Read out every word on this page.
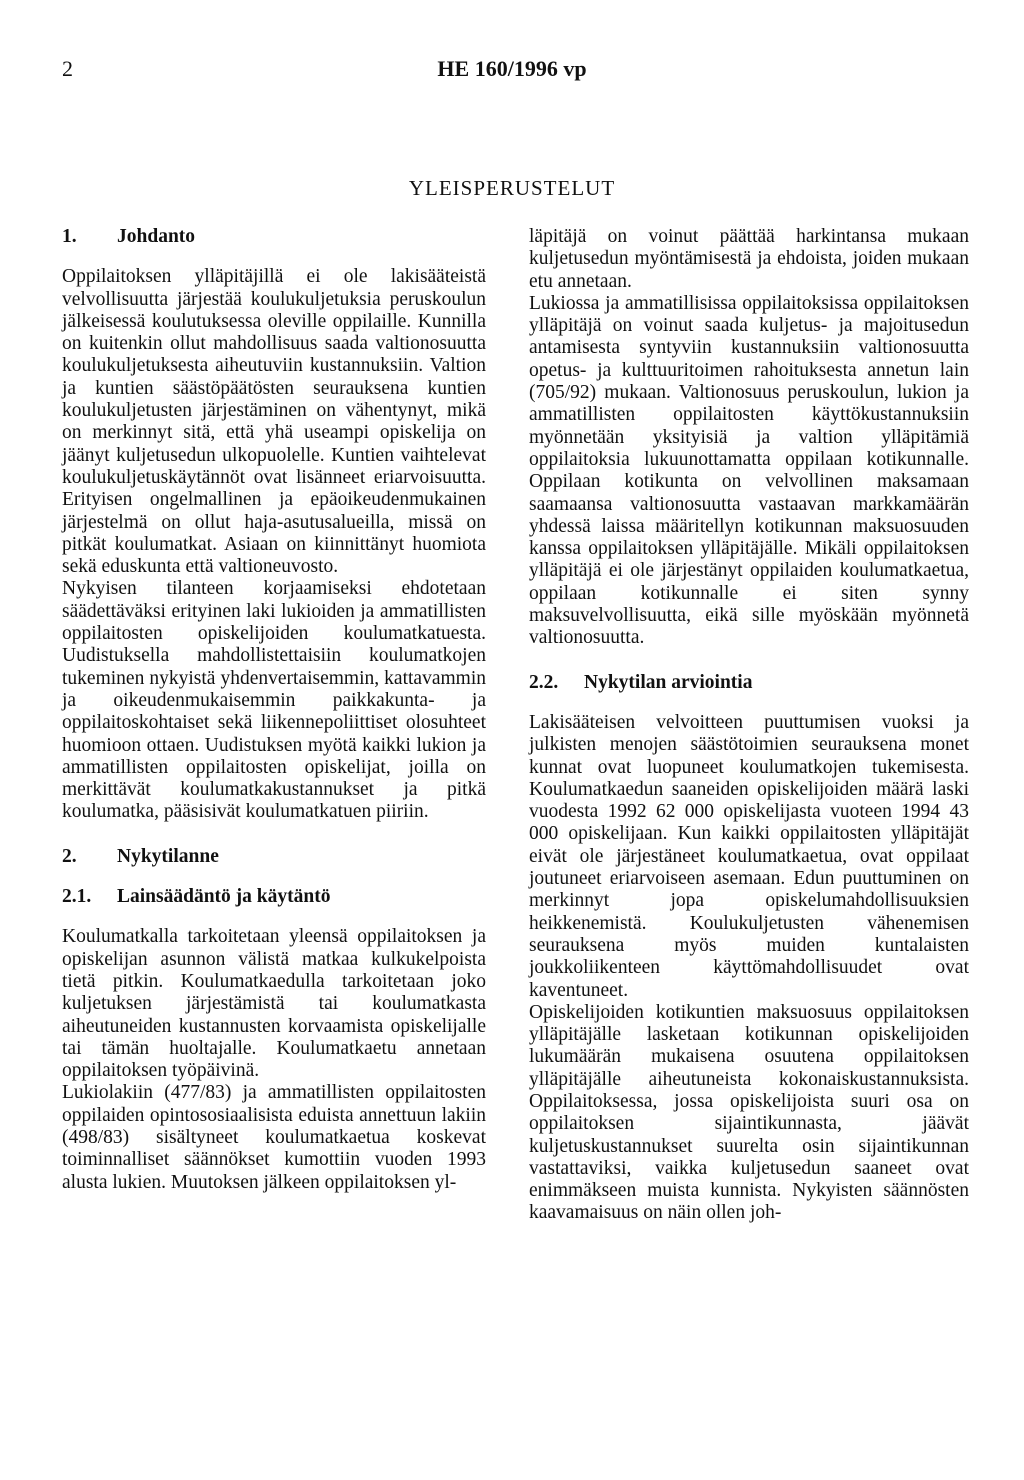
2	HE 160/1996 vp
YLEISPERUSTELUT
1. Johdanto

Oppilaitoksen ylläpitäjillä ei ole lakisääteistä velvollisuutta järjestää koulukuljetuksia peruskoulun jälkeisessä koulutuksessa oleville oppilaille. Kunnilla on kuitenkin ollut mahdollisuus saada valtionosuutta koulukuljetuksesta aiheutuviin kustannuksiin. Valtion ja kuntien säästöpäätösten seurauksena kuntien koulukuljetusten järjestäminen on vähentynyt, mikä on merkinnyt sitä, että yhä useampi opiskelija on jäänyt kuljetusedun ulkopuolelle. Kuntien vaihtelevat koulukuljetuskäytännöt ovat lisänneet eriarvoisuutta. Erityisen ongelmallinen ja epäoikeudenmukainen järjestelmä on ollut haja-asutusalueilla, missä on pitkät koulumatkat. Asiaan on kiinnittänyt huomiota sekä eduskunta että valtioneuvosto.

Nykyisen tilanteen korjaamiseksi ehdotetaan säädettäväksi erityinen laki lukioiden ja ammatillisten oppilaitosten opiskelijoiden koulumatkatuesta. Uudistuksella mahdollistettaisiin koulumatkojen tukeminen nykyistä yhdenvertaisemmin, kattavammin ja oikeudenmukaisemmin paikkakunta- ja oppilaitoskohtaiset sekä liikennepoliittiset olosuhteet huomioon ottaen. Uudistuksen myötä kaikki lukion ja ammatillisten oppilaitosten opiskelijat, joilla on merkittävät koulumatkakustannukset ja pitkä koulumatka, pääsisivät koulumatkatuen piiriin.

2. Nykytilanne
2.1. Lainsäädäntö ja käytäntö

Koulumatkalla tarkoitetaan yleensä oppilaitoksen ja opiskelijan asunnon välistä matkaa kulkukelpoista tietä pitkin. Koulumatkaedulla tarkoitetaan joko kuljetuksen järjestämistä tai koulumatkasta aiheutuneiden kustannusten korvaamista opiskelijalle tai tämän huoltajalle. Koulumatkaetu annetaan oppilaitoksen työpäivinä.

Lukiolakiin (477/83) ja ammatillisten oppilaitosten oppilaiden opintososiaalisista eduista annettuun lakiin (498/83) sisältyneet koulumatkaetua koskevat toiminnalliset säännökset kumottiin vuoden 1993 alusta lukien. Muutoksen jälkeen oppilaitoksen yl-

läpitäjä on voinut päättää harkintansa mukaan kuljetusedun myöntämisestä ja ehdoista, joiden mukaan etu annetaan.

Lukiossa ja ammatillisissa oppilaitoksissa oppilaitoksen ylläpitäjä on voinut saada kuljetus- ja majoitusedun antamisesta syntyviin kustannuksiin valtionosuutta opetus- ja kulttuuritoimen rahoituksesta annetun lain (705/92) mukaan. Valtionosuus peruskoulun, lukion ja ammatillisten oppilaitosten käyttökustannuksiin myönnetään yksityisiä ja valtion ylläpitämiä oppilaitoksia lukuunottamatta oppilaan kotikunnalle. Oppilaan kotikunta on velvollinen maksamaan saamaansa valtionosuutta vastaavan markkamäärän yhdessä laissa määritellyn kotikunnan maksuosuuden kanssa oppilaitoksen ylläpitäjälle. Mikäli oppilaitoksen ylläpitäjä ei ole järjestänyt oppilaiden koulumatkaetua, oppilaan kotikunnalle ei siten synny maksuvelvollisuutta, eikä sille myöskään myönnetä valtionosuutta.

2.2. Nykytilan arviointia

Lakisääteisen velvoitteen puuttumisen vuoksi ja julkisten menojen säästötoimien seurauksena monet kunnat ovat luopuneet koulumatkojen tukemisesta. Koulumatkaedun saaneiden opiskelijoiden määrä laski vuodesta 1992 62 000 opiskelijasta vuoteen 1994 43 000 opiskelijaan. Kun kaikki oppilaitosten ylläpitäjät eivät ole järjestäneet koulumatkaetua, ovat oppilaat joutuneet eriarvoiseen asemaan. Edun puuttuminen on merkinnyt jopa opiskelumahdollisuuksien heikkenemistä. Koulukuljetusten vähenemisen seurauksena myös muiden kuntalaisten joukkoliikenteen käyttömahdollisuudet ovat kaventuneet.

Opiskelijoiden kotikuntien maksuosuus oppilaitoksen ylläpitäjälle lasketaan kotikunnan opiskelijoiden lukumäärän mukaisena osuutena oppilaitoksen ylläpitäjälle aiheutuneista kokonaiskustannuksista. Oppilaitoksessa, jossa opiskelijoista suuri osa on oppilaitoksen sijaintikunnasta, jäävät kuljetuskustannukset suurelta osin sijaintikunnan vastattaviksi, vaikka kuljetusedun saaneet ovat enimmäkseen muista kunnista. Nykyisten säännösten kaavamaisuus on näin ollen joh-
